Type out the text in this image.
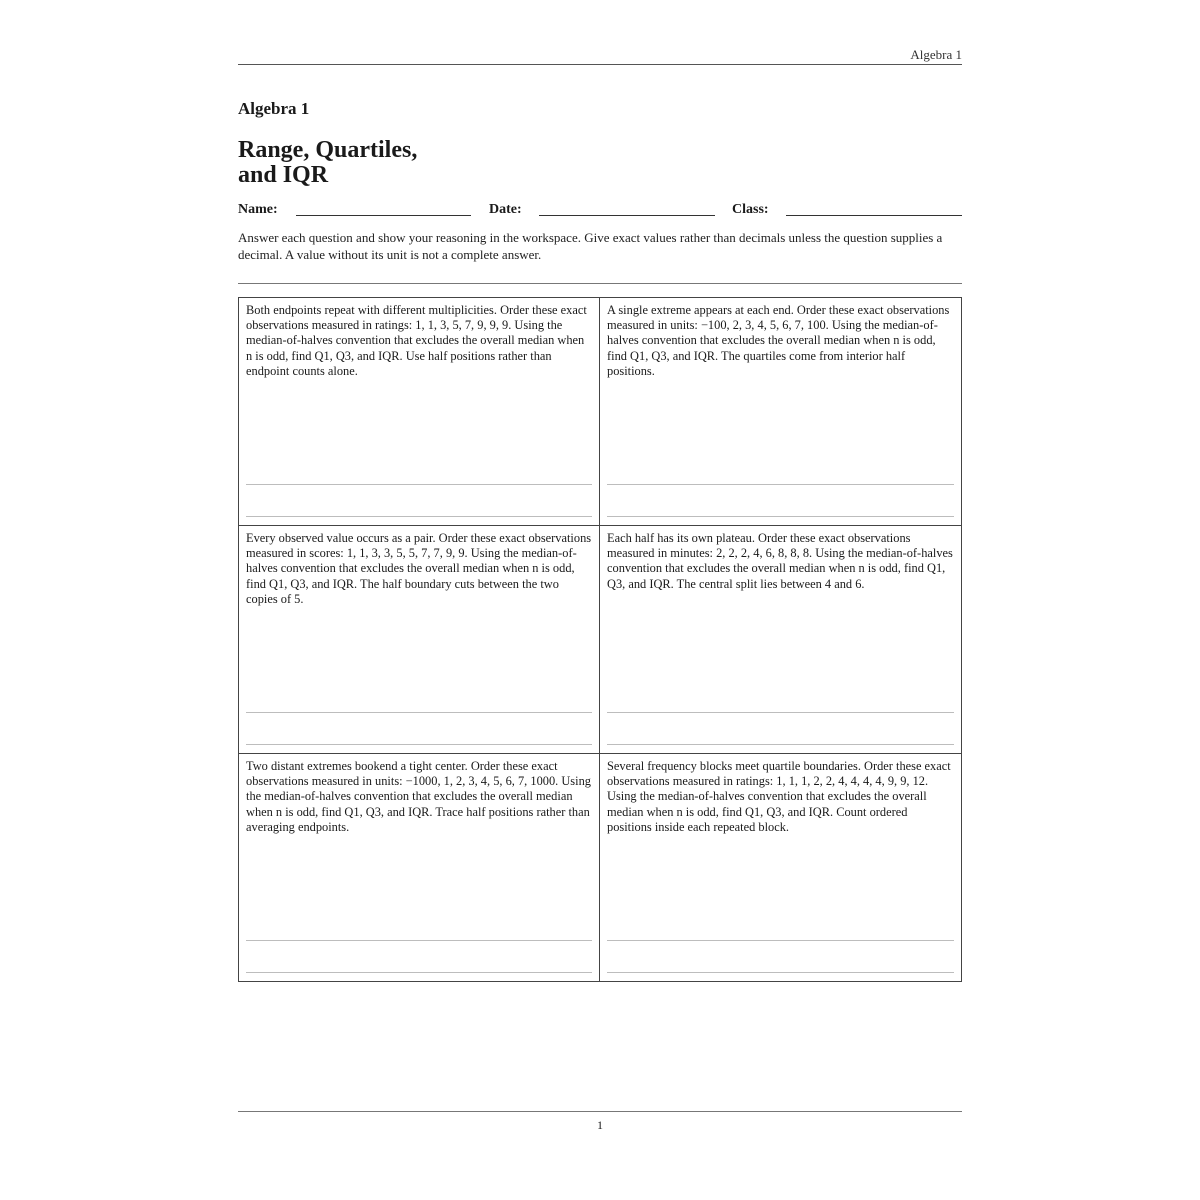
Algebra 1
Algebra 1
Range, Quartiles,
and IQR
Name:	Date:	Class:

Answer each question and show your reasoning in the workspace. Give exact values rather than decimals unless the question supplies a decimal. A value without its unit is not a complete answer.

Both endpoints repeat with different multiplicities. Order these exact observations measured in ratings: 1, 1, 3, 5, 7, 9, 9, 9. Using the median-of-halves convention that excludes the overall median when n is odd, find Q1, Q3, and IQR. Use half positions rather than endpoint counts alone.

A single extreme appears at each end. Order these exact observations measured in units: −100, 2, 3, 4, 5, 6, 7, 100. Using the median-of-halves convention that excludes the overall median when n is odd, find Q1, Q3, and IQR. The quartiles come from interior half positions.

Every observed value occurs as a pair. Order these exact observations measured in scores: 1, 1, 3, 3, 5, 5, 7, 7, 9, 9. Using the median-of-halves convention that excludes the overall median when n is odd, find Q1, Q3, and IQR. The half boundary cuts between the two copies of 5.

Each half has its own plateau. Order these exact observations measured in minutes: 2, 2, 2, 4, 6, 8, 8, 8. Using the median-of-halves convention that excludes the overall median when n is odd, find Q1, Q3, and IQR. The central split lies between 4 and 6.

Two distant extremes bookend a tight center. Order these exact observations measured in units: −1000, 1, 2, 3, 4, 5, 6, 7, 1000. Using the median-of-halves convention that excludes the overall median when n is odd, find Q1, Q3, and IQR. Trace half positions rather than averaging endpoints.

Several frequency blocks meet quartile boundaries. Order these exact observations measured in ratings: 1, 1, 1, 2, 2, 4, 4, 4, 4, 9, 9, 12. Using the median-of-halves convention that excludes the overall median when n is odd, find Q1, Q3, and IQR. Count ordered positions inside each repeated block.

1
